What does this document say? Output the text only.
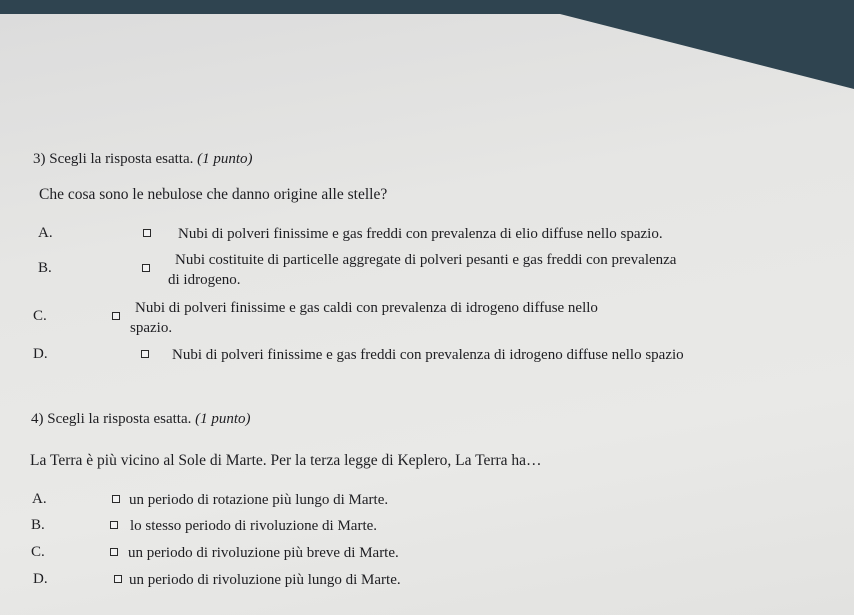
3) Scegli la risposta esatta. (1 punto)
Che cosa sono le nebulose che danno origine alle stelle?
A.	Nubi di polveri finissime e gas freddi con prevalenza di elio diffuse nello spazio.
B.	Nubi costituite di particelle aggregate di polveri pesanti e gas freddi con prevalenza
di idrogeno.
C.	Nubi di polveri finissime e gas caldi con prevalenza di idrogeno diffuse nello
spazio.
D.	Nubi di polveri finissime e gas freddi con prevalenza di idrogeno diffuse nello spazio
4) Scegli la risposta esatta. (1 punto)
La Terra è più vicino al Sole di Marte. Per la terza legge di Keplero, La Terra ha…
A.	un periodo di rotazione più lungo di Marte.
B.	lo stesso periodo di rivoluzione di Marte.
C.	un periodo di rivoluzione più breve di Marte.
D.	un periodo di rivoluzione più lungo di Marte.
